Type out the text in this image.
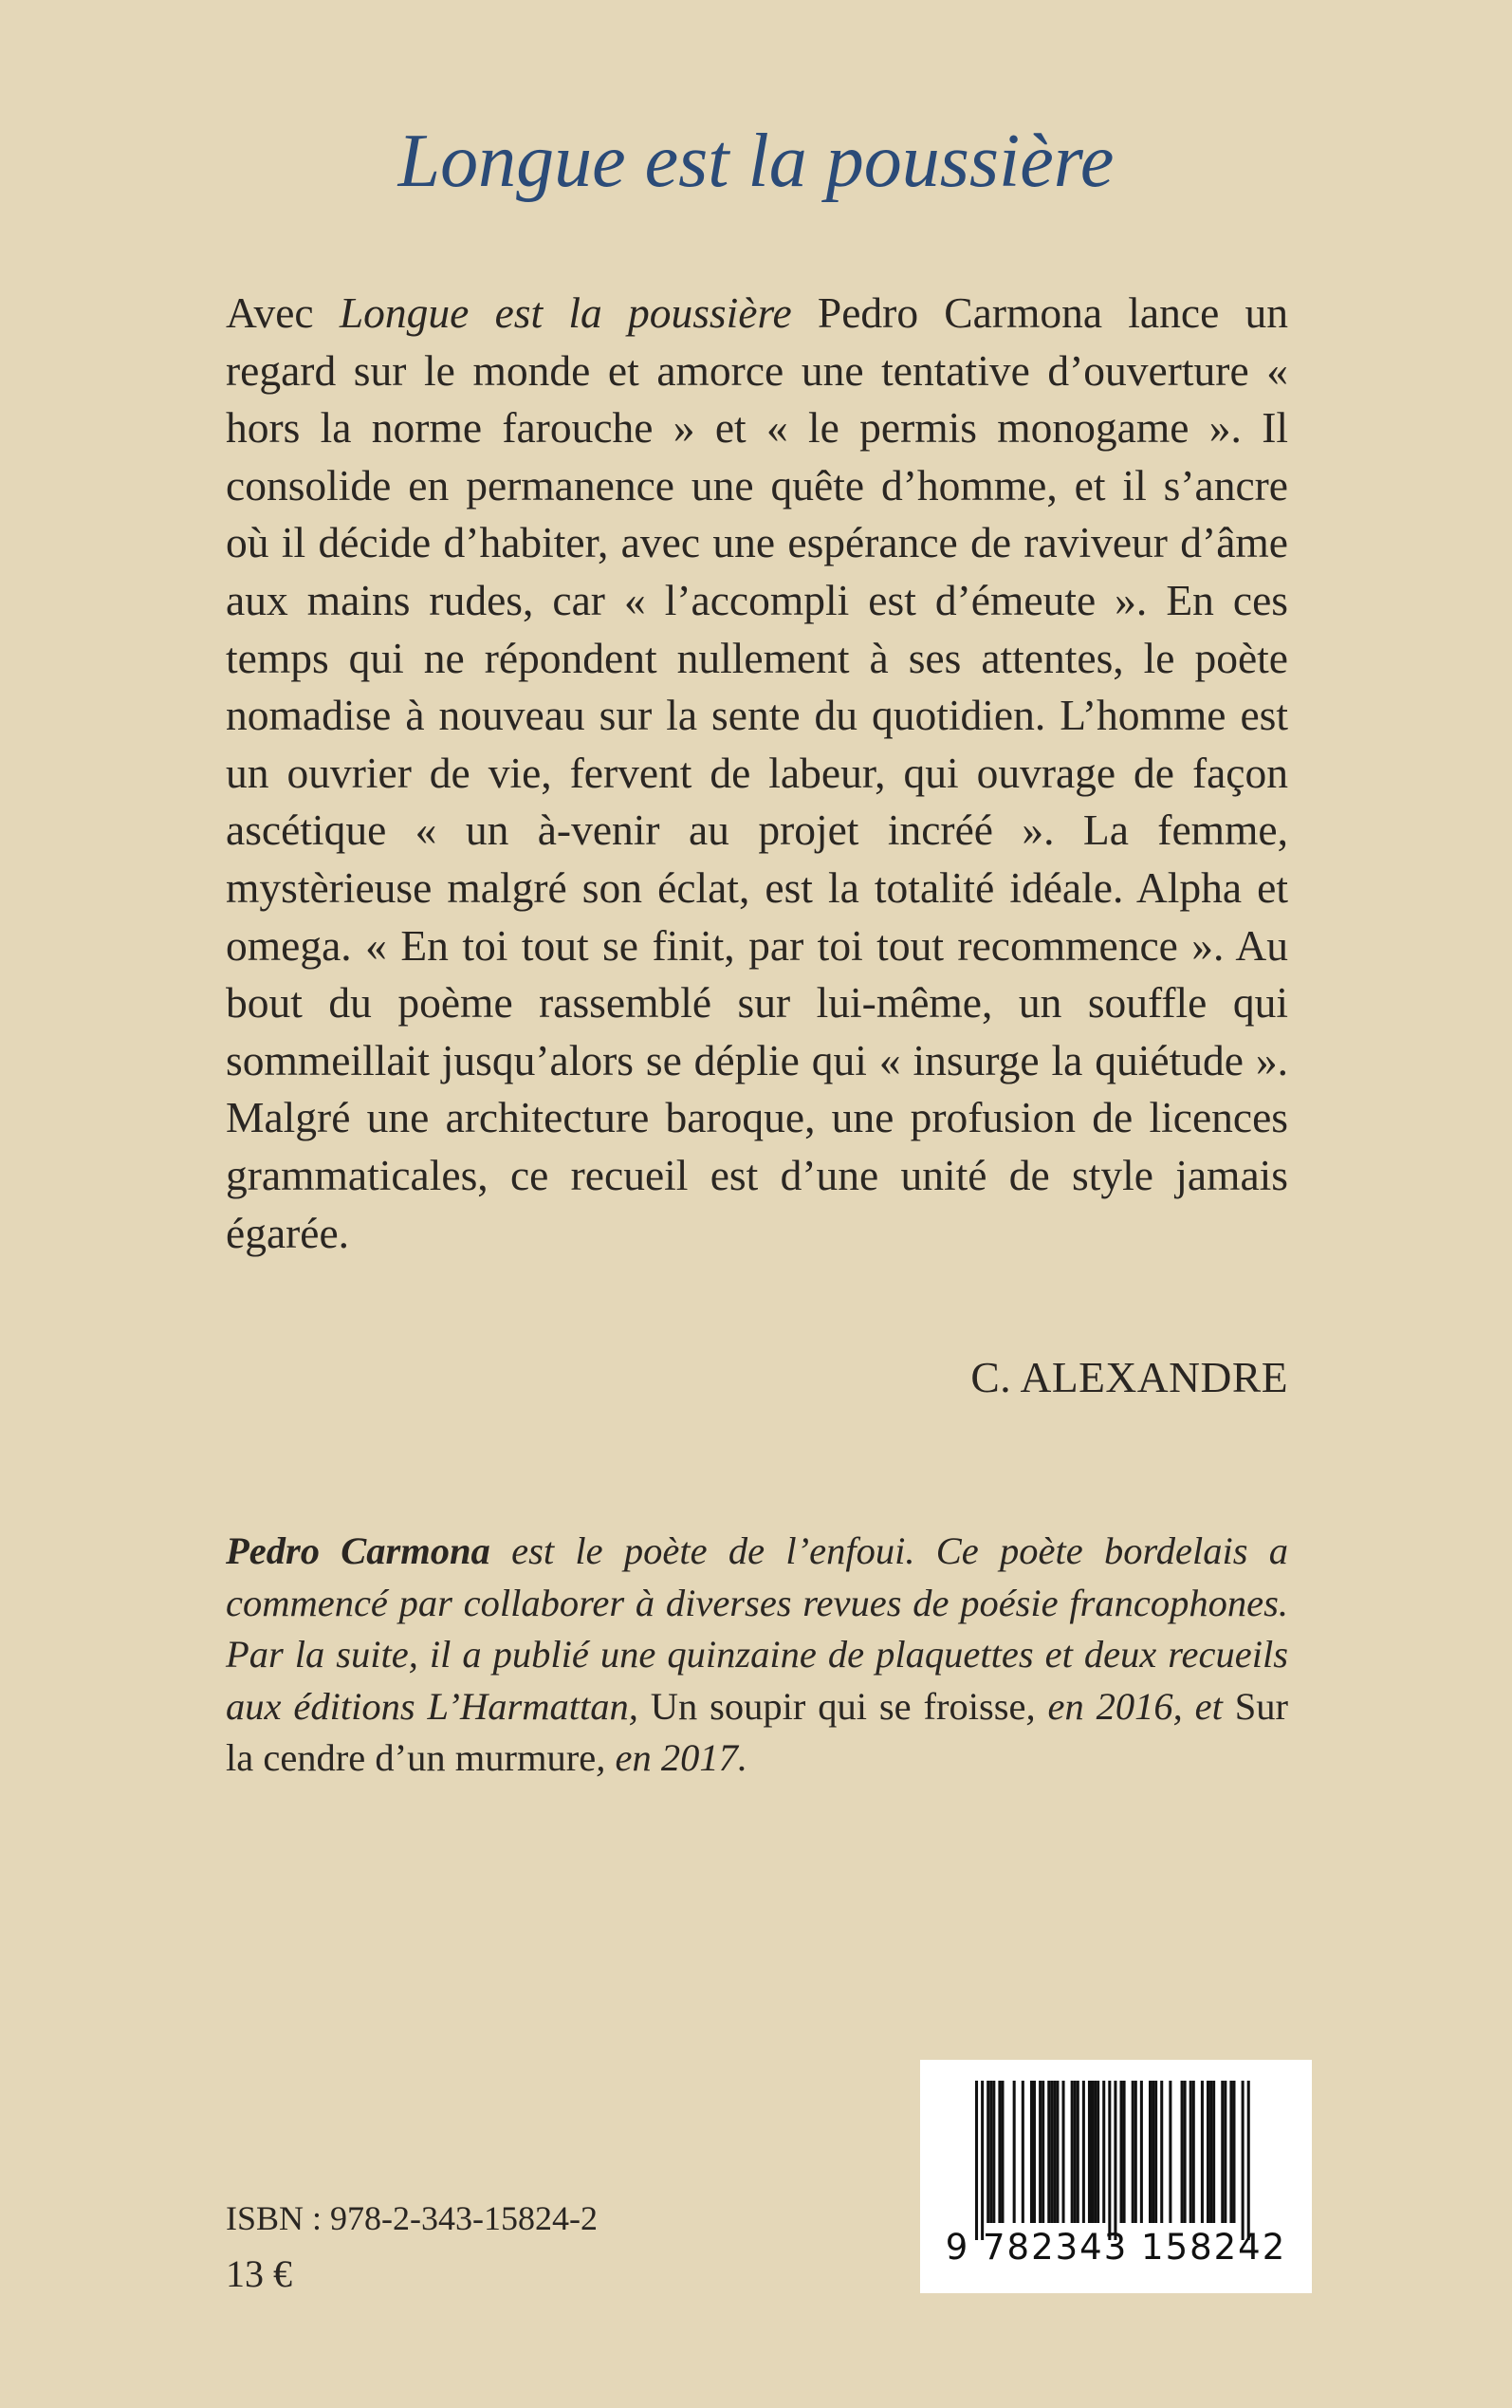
Longue est la poussière

Avec Longue est la poussière Pedro Carmona lance un regard sur le monde et amorce une tentative d’ouverture « hors la norme farouche » et « le permis monogame ». Il consolide en permanence une quête d’homme, et il s’ancre où il décide d’habiter, avec une espérance de raviveur d’âme aux mains rudes, car « l’accompli est d’émeute ». En ces temps qui ne répondent nullement à ses attentes, le poète nomadise à nouveau sur la sente du quotidien. L’homme est un ouvrier de vie, fervent de labeur, qui ouvrage de façon ascétique « un à-venir au projet incréé ». La femme, mystèrieuse malgré son éclat, est la totalité idéale. Alpha et omega. « En toi tout se finit, par toi tout recommence ». Au bout du poème rassemblé sur lui-même, un souffle qui sommeillait jusqu’alors se déplie qui « insurge la quiétude ». Malgré une architecture baroque, une profusion de licences grammaticales, ce recueil est d’une unité de style jamais égarée.

C. ALEXANDRE

Pedro Carmona est le poète de l’enfoui. Ce poète bordelais a commencé par collaborer à diverses revues de poésie francophones. Par la suite, il a publié une quinzaine de plaquettes et deux recueils aux éditions L’Harmattan, Un soupir qui se froisse, en 2016, et Sur la cendre d’un murmure, en 2017.

9 782343 158242

ISBN : 978-2-343-15824-2

13 €
